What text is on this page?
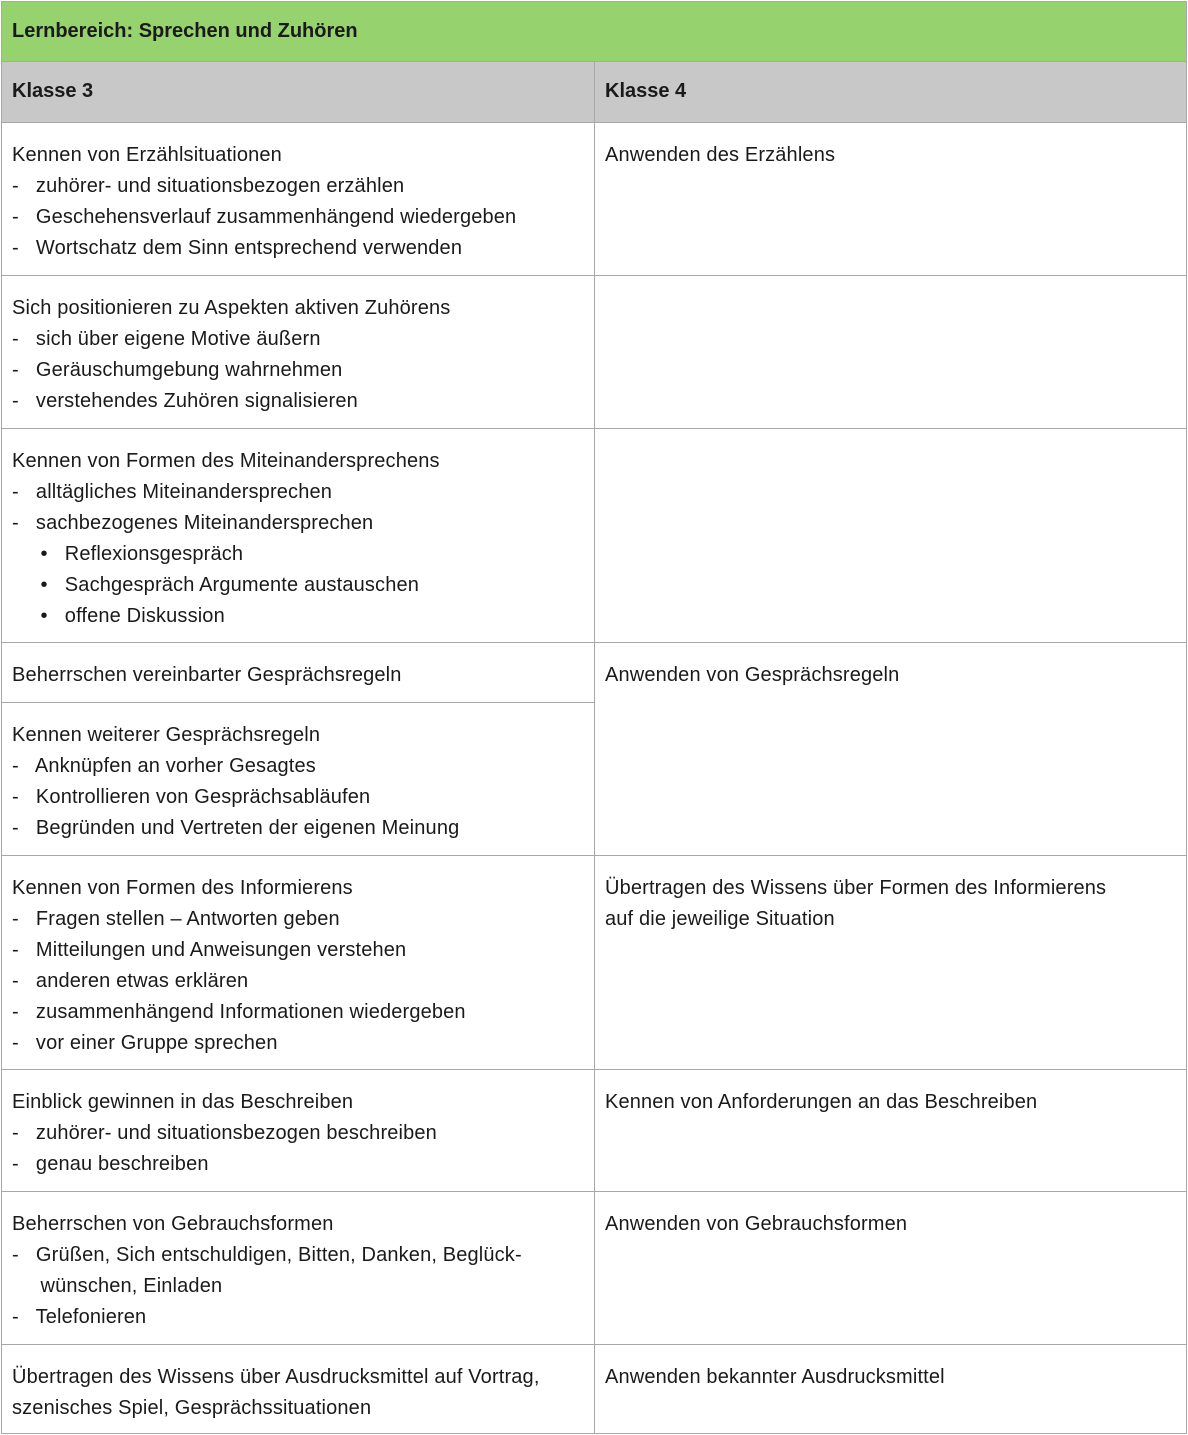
Lernbereich: Sprechen und Zuhören
Klasse 3	Klasse 4
Kennen von Erzählsituationen
-   zuhörer- und situationsbezogen erzählen
-   Geschehensverlauf zusammenhängend wiedergeben
-   Wortschatz dem Sinn entsprechend verwenden
Anwenden des Erzählens
Sich positionieren zu Aspekten aktiven Zuhörens
-   sich über eigene Motive äußern
-   Geräuschumgebung wahrnehmen
-   verstehendes Zuhören signalisieren
Kennen von Formen des Miteinandersprechens
-   alltägliches Miteinandersprechen
-   sachbezogenes Miteinandersprechen
•   Reflexionsgespräch
•   Sachgespräch Argumente austauschen
•   offene Diskussion
Beherrschen vereinbarter Gesprächsregeln
Kennen weiterer Gesprächsregeln
-   Anknüpfen an vorher Gesagtes
-   Kontrollieren von Gesprächsabläufen
-   Begründen und Vertreten der eigenen Meinung
Anwenden von Gesprächsregeln
Kennen von Formen des Informierens
-   Fragen stellen – Antworten geben
-   Mitteilungen und Anweisungen verstehen
-   anderen etwas erklären
-   zusammenhängend Informationen wiedergeben
-   vor einer Gruppe sprechen
Übertragen des Wissens über Formen des Informierens
auf die jeweilige Situation
Einblick gewinnen in das Beschreiben
-   zuhörer- und situationsbezogen beschreiben
-   genau beschreiben
Kennen von Anforderungen an das Beschreiben
Beherrschen von Gebrauchsformen
-   Grüßen, Sich entschuldigen, Bitten, Danken, Beglück-
wünschen, Einladen
-   Telefonieren
Anwenden von Gebrauchsformen
Übertragen des Wissens über Ausdrucksmittel auf Vortrag,
szenisches Spiel, Gesprächssituationen
Anwenden bekannter Ausdrucksmittel
